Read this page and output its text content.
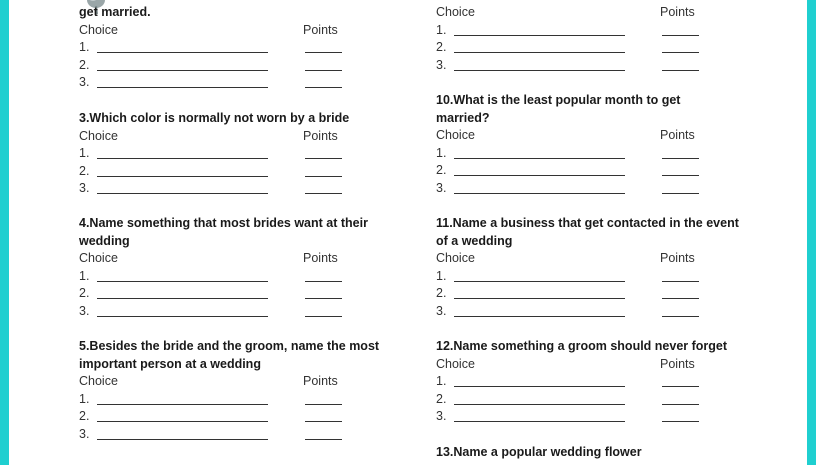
get married.
Choice	Points
1.
2.
3.
3.Which color is normally not worn by a bride
Choice	Points
1.
2.
3.
4.Name something that most brides want at their wedding
Choice	Points
1.
2.
3.
5.Besides the bride and the groom, name the most important person at a wedding
Choice	Points
1.
2.
3.
Choice	Points
1.
2.
3.
10.What is the least popular month to get married?
Choice	Points
1.
2.
3.
11.Name a business that get contacted in the event of a wedding
Choice	Points
1.
2.
3.
12.Name something a groom should never forget
Choice	Points
1.
2.
3.
13.Name a popular wedding flower
